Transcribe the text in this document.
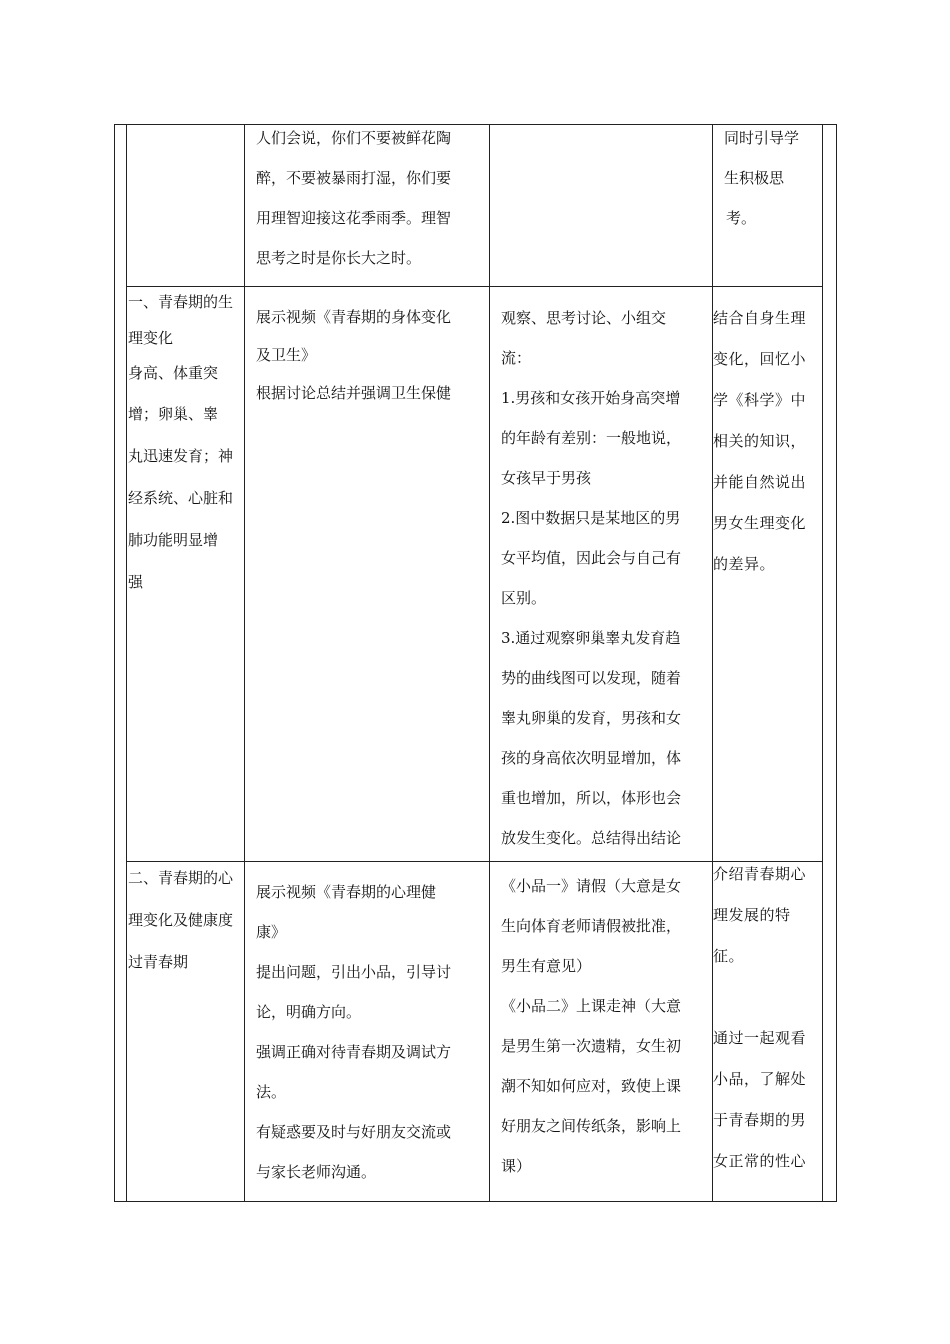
人们会说，你们不要被鲜花陶

醉，不要被暴雨打湿，你们要

用理智迎接这花季雨季。理智

思考之时是你长大之时。

同时引导学

生积极思

考。

一、青春期的生

理变化

身高、体重突

增；卵巢、睾

丸迅速发育；神

经系统、心脏和

肺功能明显增

强

展示视频《青春期的身体变化

及卫生》

根据讨论总结并强调卫生保健

观察、思考讨论、小组交

流：

1.男孩和女孩开始身高突增

的年龄有差别：一般地说，

女孩早于男孩

2.图中数据只是某地区的男

女平均值，因此会与自己有

区别。

3.通过观察卵巢睾丸发育趋

势的曲线图可以发现，随着

睾丸卵巢的发育，男孩和女

孩的身高依次明显增加，体

重也增加，所以，体形也会

放发生变化。总结得出结论

结合自身生理

变化，回忆小

学《科学》中

相关的知识，

并能自然说出

男女生理变化

的差异。

二、青春期的心

理变化及健康度

过青春期

展示视频《青春期的心理健

康》

提出问题，引出小品，引导讨

论，明确方向。

强调正确对待青春期及调试方

法。

有疑惑要及时与好朋友交流或

与家长老师沟通。

《小品一》请假（大意是女

生向体育老师请假被批准，

男生有意见）

《小品二》上课走神（大意

是男生第一次遗精，女生初

潮不知如何应对，致使上课

好朋友之间传纸条，影响上

课）

介绍青春期心

理发展的特

征。

通过一起观看

小品，了解处

于青春期的男

女正常的性心
